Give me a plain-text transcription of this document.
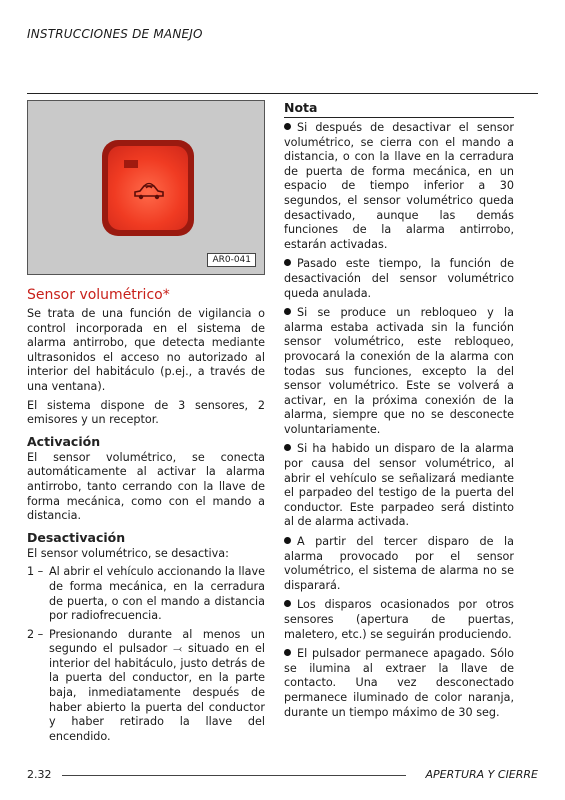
INSTRUCCIONES DE MANEJO
AR0-041
Sensor volumétrico*

Se trata de una función de vigilancia o control incorporada en el sistema de alarma antirrobo, que detecta mediante ultrasonidos el acceso no autorizado al interior del habitáculo (p.ej., a través de una ventana).

El sistema dispone de 3 sensores, 2 emisores y un receptor.

Activación

El sensor volumétrico, se conecta automáticamente al activar la alarma antirrobo, tanto cerrando con la llave de forma mecánica, como con el mando a distancia.

Desactivación

El sensor volumétrico, se desactiva:

1 – Al abrir el vehículo accionando la llave de forma mecánica, en la cerradura de puerta, o con el mando a distancia por radiofrecuencia.
2 – Presionando durante al menos un segundo el pulsador ⤙ situado en el interior del habitáculo, justo detrás de la puerta del conductor, en la parte baja, inmediatamente después de haber abierto la puerta del conductor y haber retirado la llave del encendido.
Nota
Si después de desactivar el sensor volumétrico, se cierra con el mando a distancia, o con la llave en la cerradura de puerta de forma mecánica, en un espacio de tiempo inferior a 30 segundos, el sensor volumétrico queda desactivado, aunque las demás funciones de la alarma antirrobo, estarán activadas.
Pasado este tiempo, la función de desactivación del sensor volumétrico queda anulada.
Si se produce un rebloqueo y la alarma estaba activada sin la función sensor volumétrico, este rebloqueo, provocará la conexión de la alarma con todas sus funciones, excepto la del sensor volumétrico. Este se volverá a activar, en la próxima conexión de la alarma, siempre que no se desconecte voluntariamente.
Si ha habido un disparo de la alarma por causa del sensor volumétrico, al abrir el vehículo se señalizará mediante el parpadeo del testigo de la puerta del conductor. Este parpadeo será distinto al de alarma activada.
A partir del tercer disparo de la alarma provocado por el sensor volumétrico, el sistema de alarma no se disparará.
Los disparos ocasionados por otros sensores (apertura de puertas, maletero, etc.) se seguirán produciendo.
El pulsador permanece apagado. Sólo se ilumina al extraer la llave de contacto. Una vez desconectado permanece iluminado de color naranja, durante un tiempo máximo de 30 seg.
2.32	APERTURA Y CIERRE
